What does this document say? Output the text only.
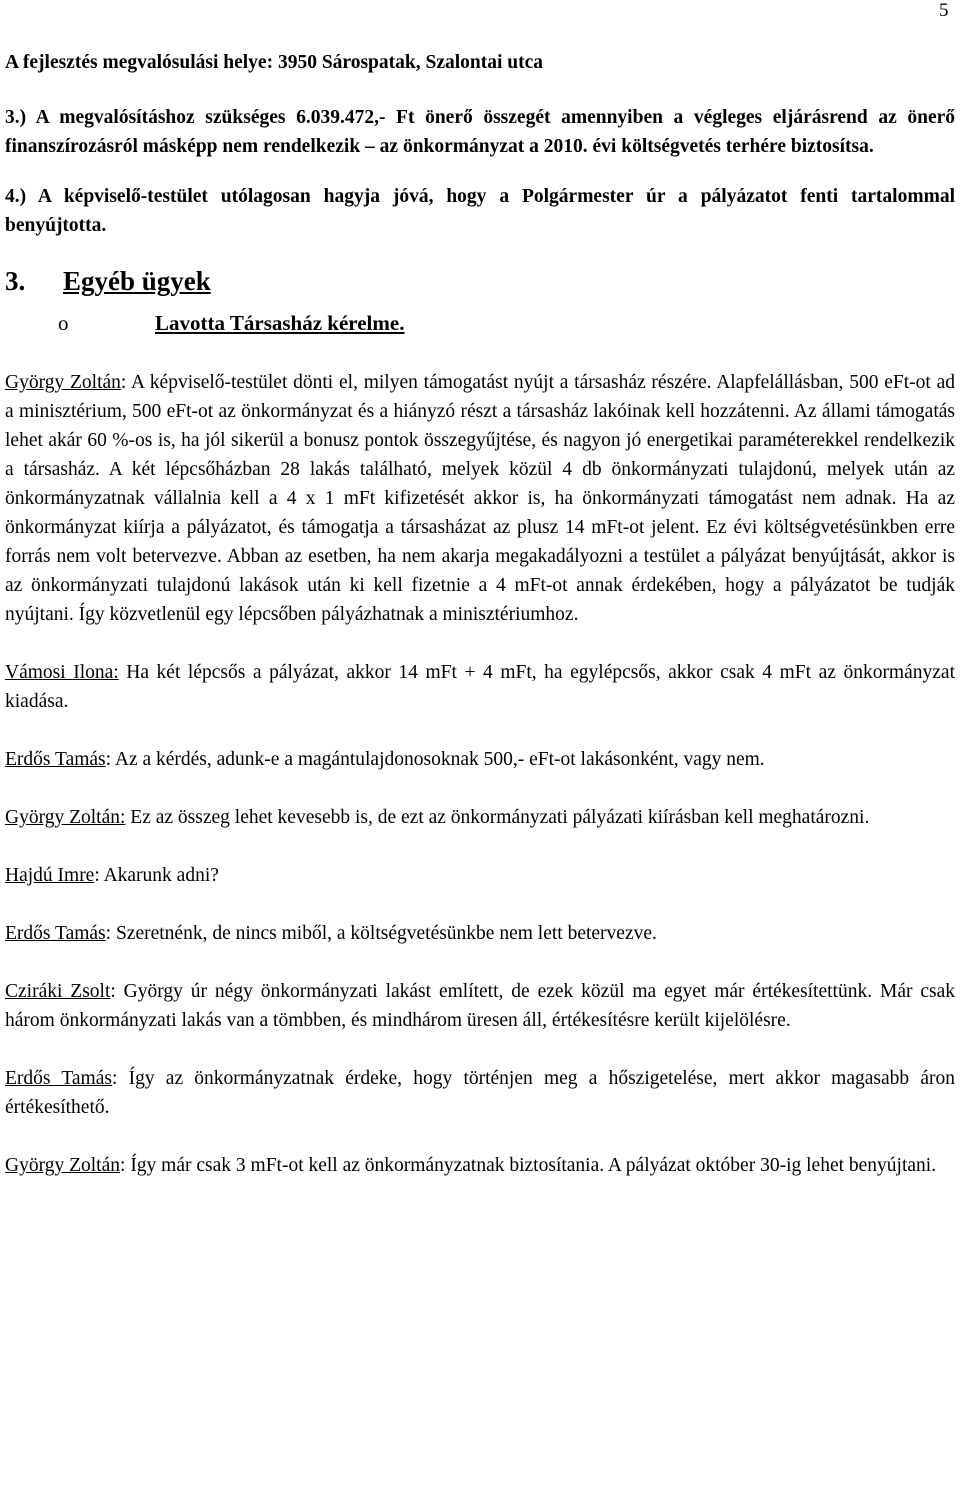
5

A fejlesztés megvalósulási helye: 3950 Sárospatak, Szalontai utca

3.) A megvalósításhoz szükséges 6.039.472,- Ft önerő összegét amennyiben a végleges eljárásrend az önerő finanszírozásról másképp nem rendelkezik – az önkormányzat a 2010. évi költségvetés terhére biztosítsa.

4.) A képviselő-testület utólagosan hagyja jóvá, hogy a Polgármester úr a pályázatot fenti tartalommal benyújtotta.

3. Egyéb ügyek
o	Lavotta Társasház kérelme.

György Zoltán: A képviselő-testület dönti el, milyen támogatást nyújt a társasház részére. Alapfelállásban, 500 eFt-ot ad a minisztérium, 500 eFt-ot az önkormányzat és a hiányzó részt a társasház lakóinak kell hozzátenni. Az állami támogatás lehet akár 60 %-os is, ha jól sikerül a bonusz pontok összegyűjtése, és nagyon jó energetikai paraméterekkel rendelkezik a társasház. A két lépcsőházban 28 lakás található, melyek közül 4 db önkormányzati tulajdonú, melyek után az önkormányzatnak vállalnia kell a 4 x 1 mFt kifizetését akkor is, ha önkormányzati támogatást nem adnak. Ha az önkormányzat kiírja a pályázatot, és támogatja a társasházat az plusz 14 mFt-ot jelent. Ez évi költségvetésünkben erre forrás nem volt betervezve. Abban az esetben, ha nem akarja megakadályozni a testület a pályázat benyújtását, akkor is az önkormányzati tulajdonú lakások után ki kell fizetnie a 4 mFt-ot annak érdekében, hogy a pályázatot be tudják nyújtani. Így közvetlenül egy lépcsőben pályázhatnak a minisztériumhoz.

Vámosi Ilona: Ha két lépcsős a pályázat, akkor 14 mFt + 4 mFt, ha egylépcsős, akkor csak 4 mFt az önkormányzat kiadása.

Erdős Tamás: Az a kérdés, adunk-e a magántulajdonosoknak 500,- eFt-ot lakásonként, vagy nem.

György Zoltán: Ez az összeg lehet kevesebb is, de ezt az önkormányzati pályázati kiírásban kell meghatározni.

Hajdú Imre: Akarunk adni?

Erdős Tamás: Szeretnénk, de nincs miből, a költségvetésünkbe nem lett betervezve.

Cziráki Zsolt: György úr négy önkormányzati lakást említett, de ezek közül ma egyet már értékesítettünk. Már csak három önkormányzati lakás van a tömbben, és mindhárom üresen áll, értékesítésre került kijelölésre.

Erdős Tamás: Így az önkormányzatnak érdeke, hogy történjen meg a hőszigetelése, mert akkor magasabb áron értékesíthető.

György Zoltán: Így már csak 3 mFt-ot kell az önkormányzatnak biztosítania. A pályázat október 30-ig lehet benyújtani.
